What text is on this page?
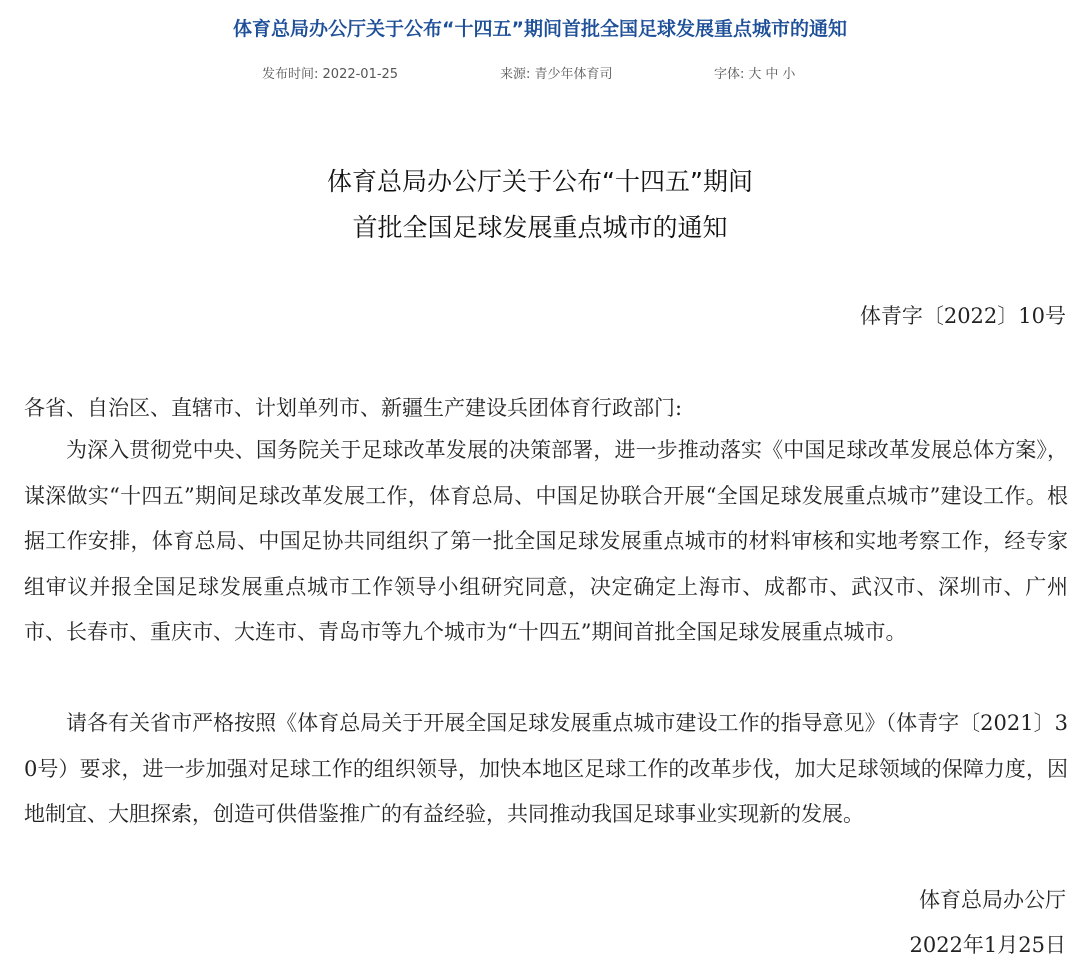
体育总局办公厅关于公布“十四五”期间首批全国足球发展重点城市的通知
发布时间: 2022-01-25	来源: 青少年体育司	字体: 大 中 小
体育总局办公厅关于公布“十四五”期间
首批全国足球发展重点城市的通知
体青字〔2022〕10号
各省、自治区、直辖市、计划单列市、新疆生产建设兵团体育行政部门:

为深入贯彻党中央、国务院关于足球改革发展的决策部署，进一步推动落实《中国足球改革发展总体方案》，谋深做实“十四五”期间足球改革发展工作，体育总局、中国足协联合开展“全国足球发展重点城市”建设工作。根据工作安排，体育总局、中国足协共同组织了第一批全国足球发展重点城市的材料审核和实地考察工作，经专家组审议并报全国足球发展重点城市工作领导小组研究同意，决定确定上海市、成都市、武汉市、深圳市、广州市、长春市、重庆市、大连市、青岛市等九个城市为“十四五”期间首批全国足球发展重点城市。

请各有关省市严格按照《体育总局关于开展全国足球发展重点城市建设工作的指导意见》（体青字〔2021〕30号）要求，进一步加强对足球工作的组织领导，加快本地区足球工作的改革步伐，加大足球领域的保障力度，因地制宜、大胆探索，创造可供借鉴推广的有益经验，共同推动我国足球事业实现新的发展。

体育总局办公厅
2022年1月25日
